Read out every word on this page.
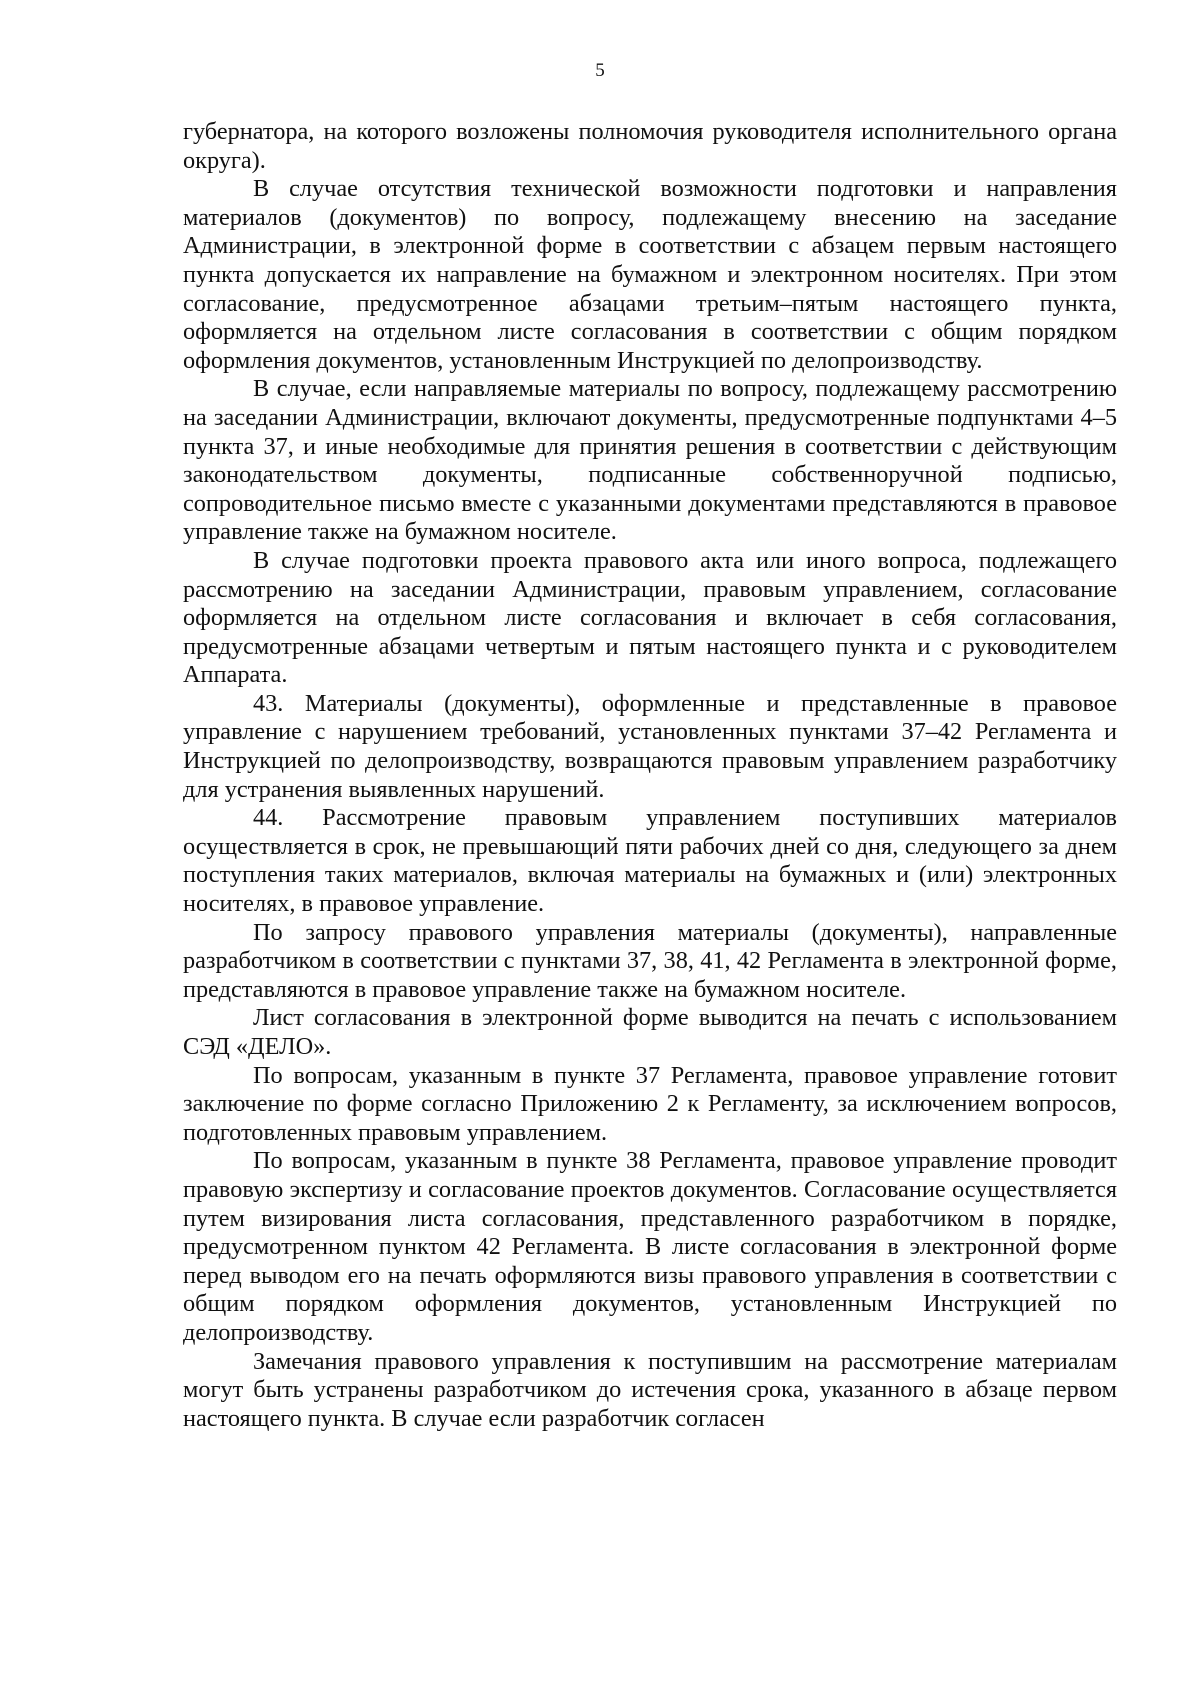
5

губернатора, на которого возложены полномочия руководителя исполнительного органа округа).

В случае отсутствия технической возможности подготовки и направления материалов (документов) по вопросу, подлежащему внесению на заседание Администрации, в электронной форме в соответствии с абзацем первым настоящего пункта допускается их направление на бумажном и электронном носителях. При этом согласование, предусмотренное абзацами третьим–пятым настоящего пункта, оформляется на отдельном листе согласования в соответствии с общим порядком оформления документов, установленным Инструкцией по делопроизводству.

В случае, если направляемые материалы по вопросу, подлежащему рассмотрению на заседании Администрации, включают документы, предусмотренные подпунктами 4–5 пункта 37, и иные необходимые для принятия решения в соответствии с действующим законодательством документы, подписанные собственноручной подписью, сопроводительное письмо вместе с указанными документами представляются в правовое управление также на бумажном носителе.

В случае подготовки проекта правового акта или иного вопроса, подлежащего рассмотрению на заседании Администрации, правовым управлением, согласование оформляется на отдельном листе согласования и включает в себя согласования, предусмотренные абзацами четвертым и пятым настоящего пункта и с руководителем Аппарата.

43. Материалы (документы), оформленные и представленные в правовое управление с нарушением требований, установленных пунктами 37–42 Регламента и Инструкцией по делопроизводству, возвращаются правовым управлением разработчику для устранения выявленных нарушений.

44. Рассмотрение правовым управлением поступивших материалов осуществляется в срок, не превышающий пяти рабочих дней со дня, следующего за днем поступления таких материалов, включая материалы на бумажных и (или) электронных носителях, в правовое управление.

По запросу правового управления материалы (документы), направленные разработчиком в соответствии с пунктами 37, 38, 41, 42 Регламента в электронной форме, представляются в правовое управление также на бумажном носителе.

Лист согласования в электронной форме выводится на печать с использованием СЭД «ДЕЛО».

По вопросам, указанным в пункте 37 Регламента, правовое управление готовит заключение по форме согласно Приложению 2 к Регламенту, за исключением вопросов, подготовленных правовым управлением.

По вопросам, указанным в пункте 38 Регламента, правовое управление проводит правовую экспертизу и согласование проектов документов. Согласование осуществляется путем визирования листа согласования, представленного разработчиком в порядке, предусмотренном пунктом 42 Регламента. В листе согласования в электронной форме перед выводом его на печать оформляются визы правового управления в соответствии с общим порядком оформления документов, установленным Инструкцией по делопроизводству.

Замечания правового управления к поступившим на рассмотрение материалам могут быть устранены разработчиком до истечения срока, указанного в абзаце первом настоящего пункта. В случае если разработчик согласен
